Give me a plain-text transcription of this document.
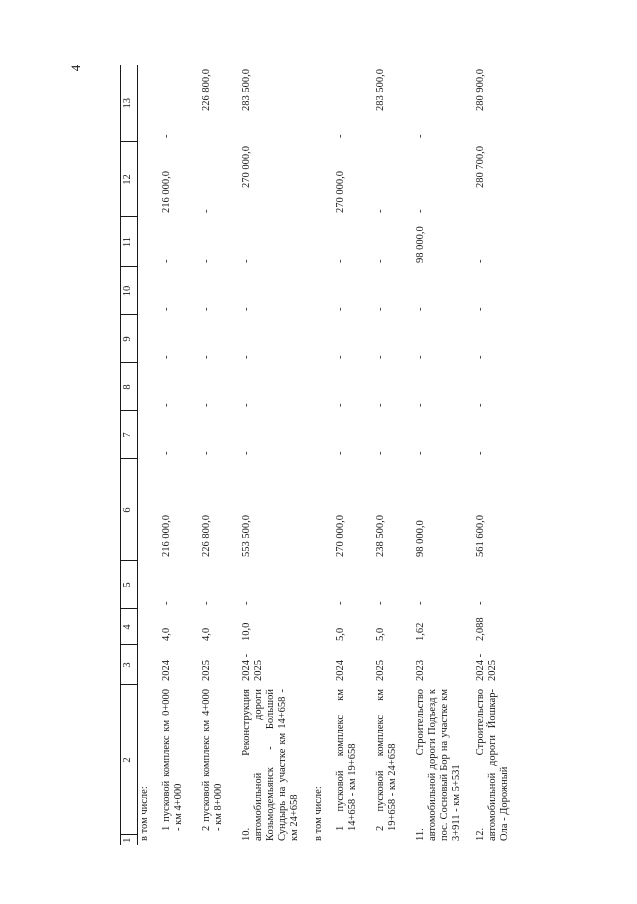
4
1	2	3	4	5	6	7	8	9	10	11	12	13
в том числе:												
	1 пусковой комплекс км 0+000 - км 4+000	2024	4,0	-	216 000,0	-	-	-	-	-	216 000,0	-
	2 пусковой комплекс км 4+000 - км 8+000	2025	4,0	-	226 800,0	-	-	-	-	-	-	226 800,0
10. Реконструкция автомобильной дороги Козьмодемьянск - Большой Сундырь на участке км 14+658 - км 24+658		2024 - 2025	10,0	-	553 500,0	-	-	-	-	-	270 000,0	283 500,0
в том числе:												
	1 пусковой комплекс км 14+658 - км 19+658	2024	5,0	-	270 000,0	-	-	-	-	-	270 000,0	-
	2 пусковой комплекс км 19+658 - км 24+658	2025	5,0	-	238 500,0	-	-	-	-	-	-	283 500,0
11. Строительство автомобильной дороги Подъезд к пос. Сосновый Бор на участке км 3+911 - км 5+531		2023	1,62	-	98 000,0	-	-	-	-	98 000,0	-	-
12. Строительство автомобильной дороги Йошкар-Ола - Дорожный		2024 - 2025	2,088	-	561 600,0	-	-	-	-	-	280 700,0	280 900,0
